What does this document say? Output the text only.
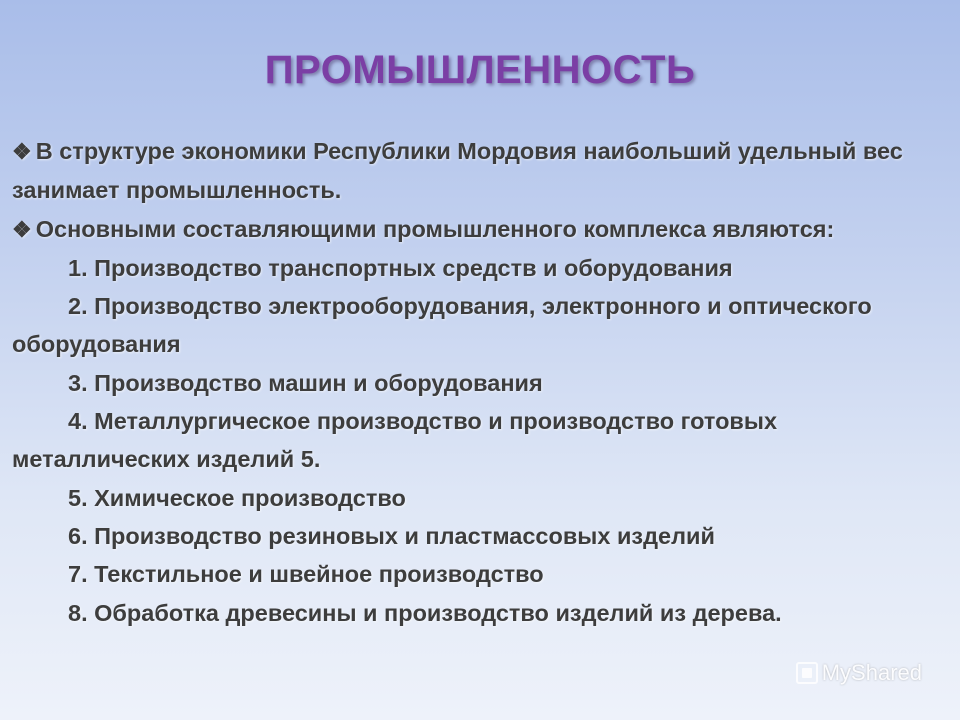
ПРОМЫШЛЕННОСТЬ

❖ В структуре экономики Республики Мордовия наибольший удельный вес занимает промышленность.

❖ Основными составляющими промышленного комплекса являются:

1. Производство транспортных средств и оборудования

2. Производство электрооборудования, электронного и оптического оборудования

3. Производство машин и оборудования

4. Металлургическое производство и производство готовых металлических изделий 5.

5. Химическое производство

6. Производство резиновых и пластмассовых изделий

7. Текстильное и швейное производство

8. Обработка древесины и производство изделий из дерева.

MyShared
